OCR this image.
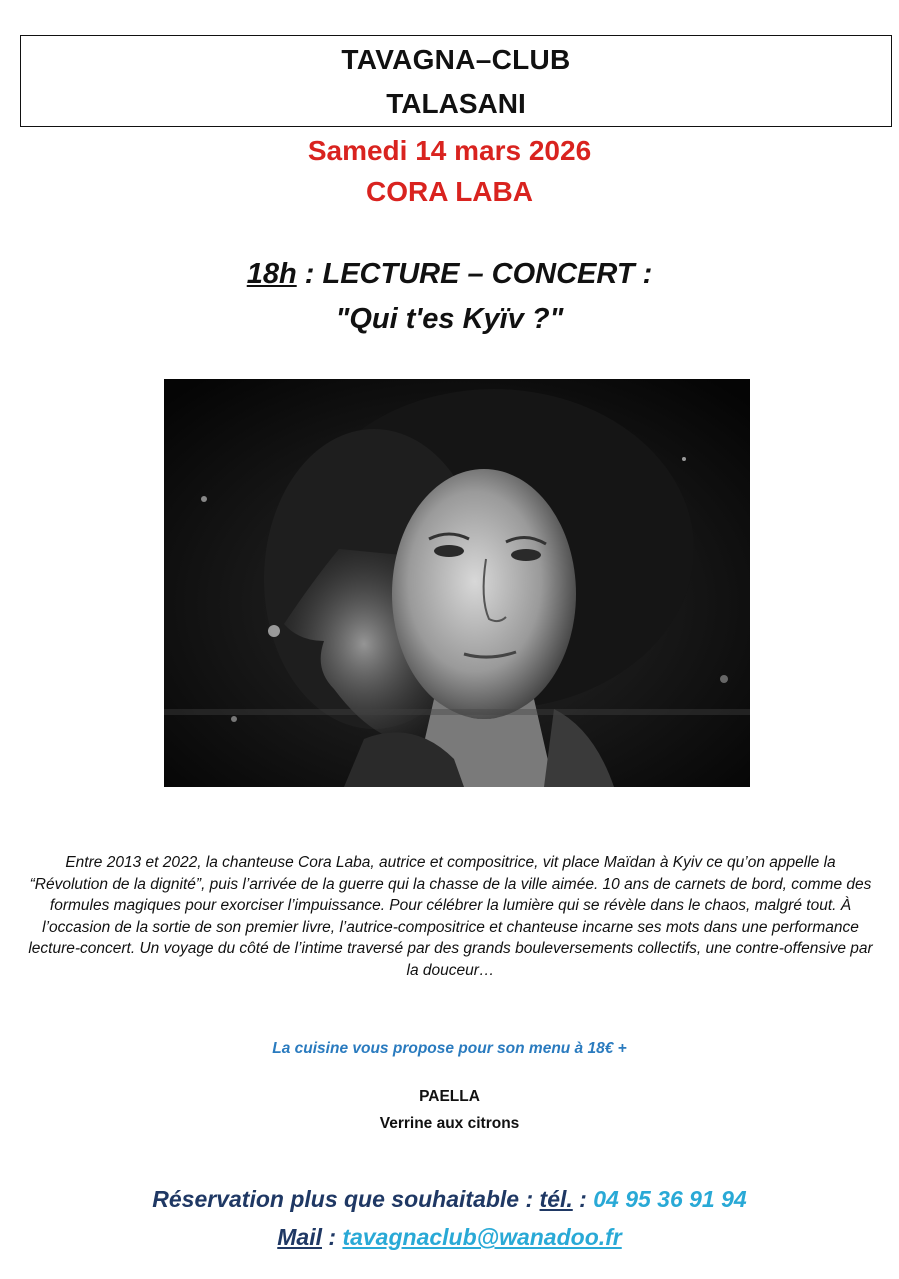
TAVAGNA–CLUB
TALASANI
Samedi 14 mars 2026
CORA LABA
18h : LECTURE – CONCERT :
"Qui t'es Kyïv ?"
Entre 2013 et 2022, la chanteuse Cora Laba, autrice et compositrice, vit place Maïdan à Kyiv ce qu’on appelle la “Révolution de la dignité”, puis l’arrivée de la guerre qui la chasse de la ville aimée. 10 ans de carnets de bord, comme des formules magiques pour exorciser l’impuissance. Pour célébrer la lumière qui se révèle dans le chaos, malgré tout. À l’occasion de la sortie de son premier livre, l’autrice-compositrice et chanteuse incarne ses mots dans une performance lecture-concert. Un voyage du côté de l’intime traversé par des grands bouleversements collectifs, une contre-offensive par la douceur…
La cuisine vous propose pour son menu à 18€ +
PAELLA
Verrine aux citrons
Réservation plus que souhaitable : tél. : 04 95 36 91 94
Mail : tavagnaclub@wanadoo.fr
